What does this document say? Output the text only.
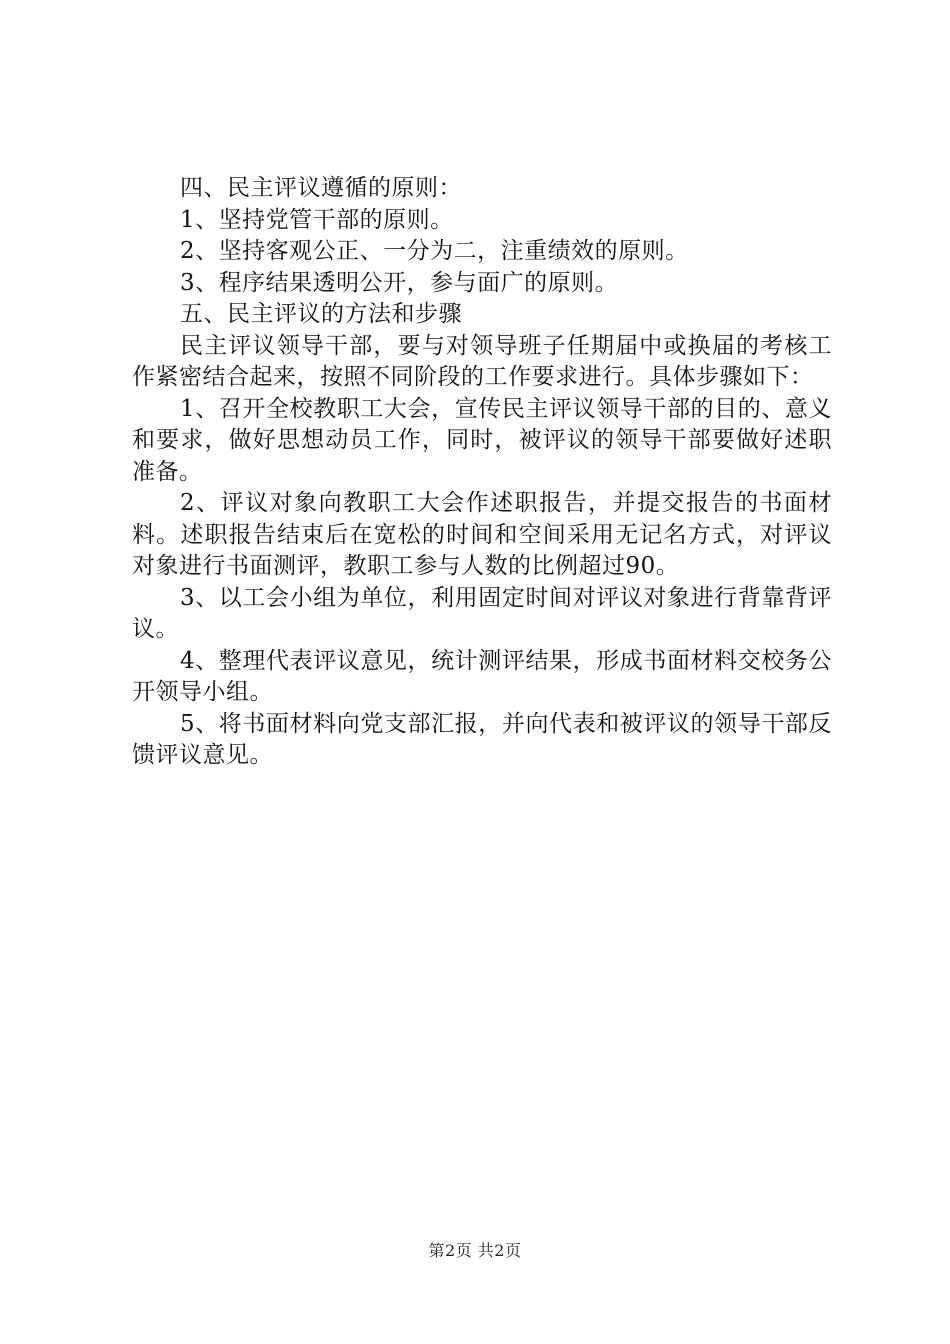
四、民主评议遵循的原则：

1、坚持党管干部的原则。

2、坚持客观公正、一分为二，注重绩效的原则。

3、程序结果透明公开，参与面广的原则。

五、民主评议的方法和步骤

民主评议领导干部，要与对领导班子任期届中或换届的考核工作紧密结合起来，按照不同阶段的工作要求进行。具体步骤如下：

1、召开全校教职工大会，宣传民主评议领导干部的目的、意义和要求，做好思想动员工作，同时，被评议的领导干部要做好述职准备。

2、评议对象向教职工大会作述职报告，并提交报告的书面材料。述职报告结束后在宽松的时间和空间采用无记名方式，对评议对象进行书面测评，教职工参与人数的比例超过90。

3、以工会小组为单位，利用固定时间对评议对象进行背靠背评议。

4、整理代表评议意见，统计测评结果，形成书面材料交校务公开领导小组。

5、将书面材料向党支部汇报，并向代表和被评议的领导干部反馈评议意见。

第2页 共2页
